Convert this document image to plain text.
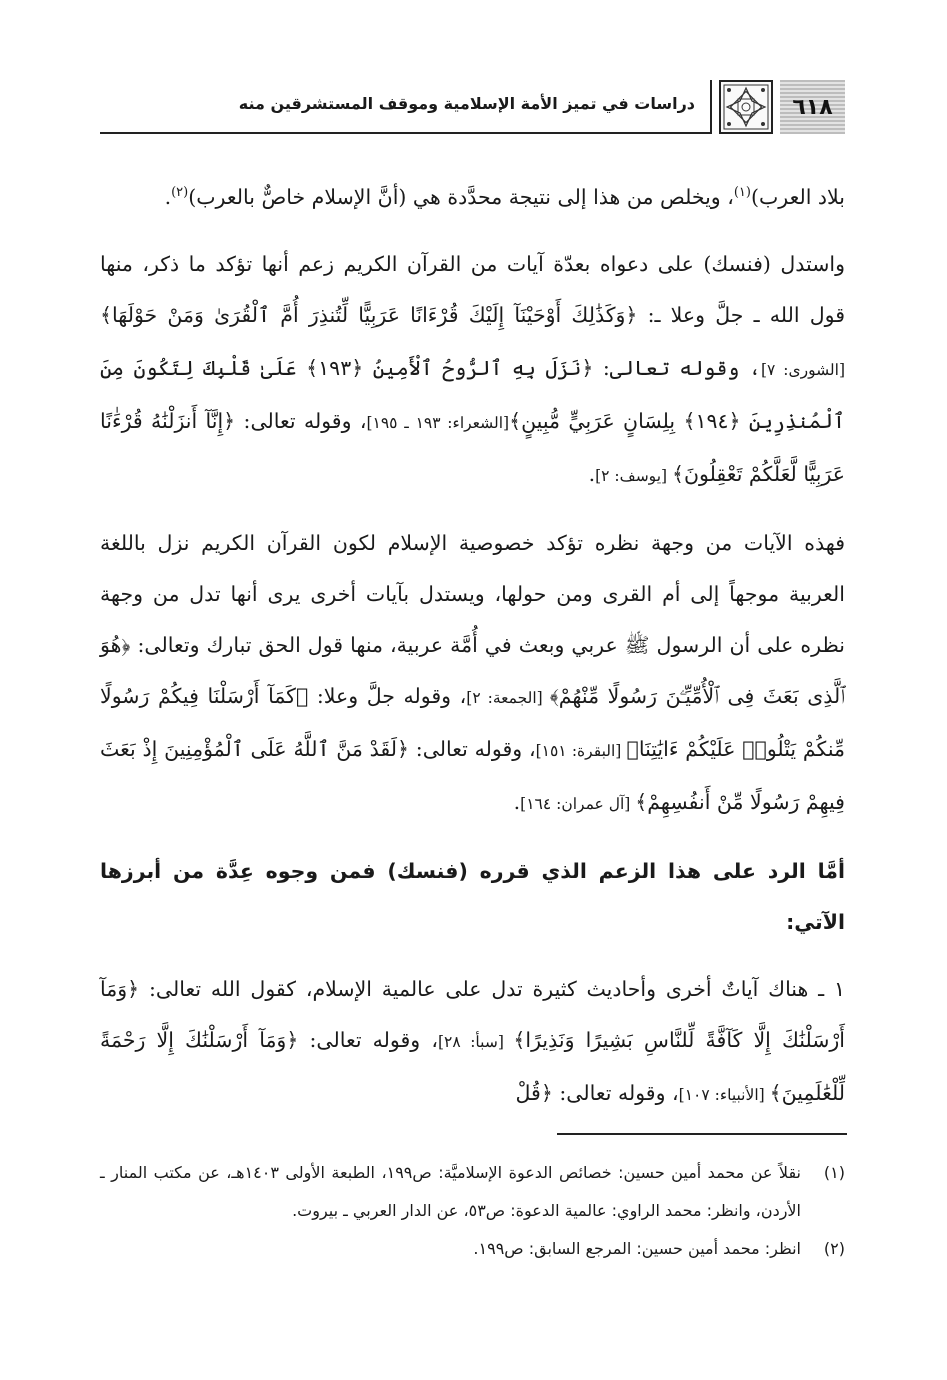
٦١٨
دراسات في تميز الأمة الإسلامية وموقف المستشرقين منه

بلاد العرب)$^{(١)}$، ويخلص من هذا إلى نتيجة محدَّدة هي (أنَّ الإسلام خاصٌّ بالعرب)$^{(٢)}$.

واستدل (فنسك) على دعواه بعدّة آيات من القرآن الكريم زعم أنها تؤكد ما ذكر، منها قول الله ـ جلَّ وعلا ـ: ﴿وَكَذَٰلِكَ أَوْحَيْنَآ إِلَيْكَ قُرْءَانًا عَرَبِيًّا لِّتُنذِرَ أُمَّ ٱلْقُرَىٰ وَمَنْ حَوْلَهَا﴾ [الشورى: ٧]، وقوله تعالى: ﴿نَزَلَ بِهِ ٱلرُّوحُ ٱلْأَمِينُ ﴿١٩٣﴾ عَلَىٰ قَلْبِكَ لِتَكُونَ مِنَ ٱلْمُنذِرِينَ ﴿١٩٤﴾ بِلِسَانٍ عَرَبِيٍّ مُّبِينٍ﴾[الشعراء: ١٩٣ ـ ١٩٥]، وقوله تعالى: ﴿إِنَّآ أَنزَلْنَٰهُ قُرْءَٰنًا عَرَبِيًّا لَّعَلَّكُمْ تَعْقِلُونَ﴾ [يوسف: ٢].

فهذه الآيات من وجهة نظره تؤكد خصوصية الإسلام لكون القرآن الكريم نزل باللغة العربية موجهاً إلى أم القرى ومن حولها، ويستدل بآيات أخرى يرى أنها تدل من وجهة نظره على أن الرسول ﷺ عربي وبعث في أُمَّة عربية، منها قول الحق تبارك وتعالى: ﴿هُوَ ٱلَّذِى بَعَثَ فِى ٱلْأُمِّيِّـۧنَ رَسُولًا مِّنْهُمْ﴾ [الجمعة: ٢]، وقوله جلَّ وعلا: ﴿كَمَآ أَرْسَلْنَا فِيكُمْ رَسُولًا مِّنكُمْ يَتْلُوا۟ عَلَيْكُمْ ءَايَٰتِنَا﴾ [البقرة: ١٥١]، وقوله تعالى: ﴿لَقَدْ مَنَّ ٱللَّهُ عَلَى ٱلْمُؤْمِنِينَ إِذْ بَعَثَ فِيهِمْ رَسُولًا مِّنْ أَنفُسِهِمْ﴾ [آل عمران: ١٦٤].

أمَّا الرد على هذا الزعم الذي قرره (فنسك) فمن وجوه عِدَّة من أبرزها الآتي:

١ ـ هناك آياتٌ أخرى وأحاديث كثيرة تدل على عالمية الإسلام، كقول الله تعالى: ﴿وَمَآ أَرْسَلْنَٰكَ إِلَّا كَآفَّةً لِّلنَّاسِ بَشِيرًا وَنَذِيرًا﴾ [سبأ: ٢٨]، وقوله تعالى: ﴿وَمَآ أَرْسَلْنَٰكَ إِلَّا رَحْمَةً لِّلْعَٰلَمِينَ﴾ [الأنبياء: ١٠٧]، وقوله تعالى: ﴿قُلْ

(١)
نقلاً عن محمد أمين حسين: خصائص الدعوة الإسلاميَّة: ص١٩٩، الطبعة الأولى ١٤٠٣هـ، عن مكتب المنار ـ الأردن، وانظر: محمد الراوي: عالمية الدعوة: ص٥٣، عن الدار العربي ـ بيروت.
(٢)
انظر: محمد أمين حسين: المرجع السابق: ص١٩٩.
